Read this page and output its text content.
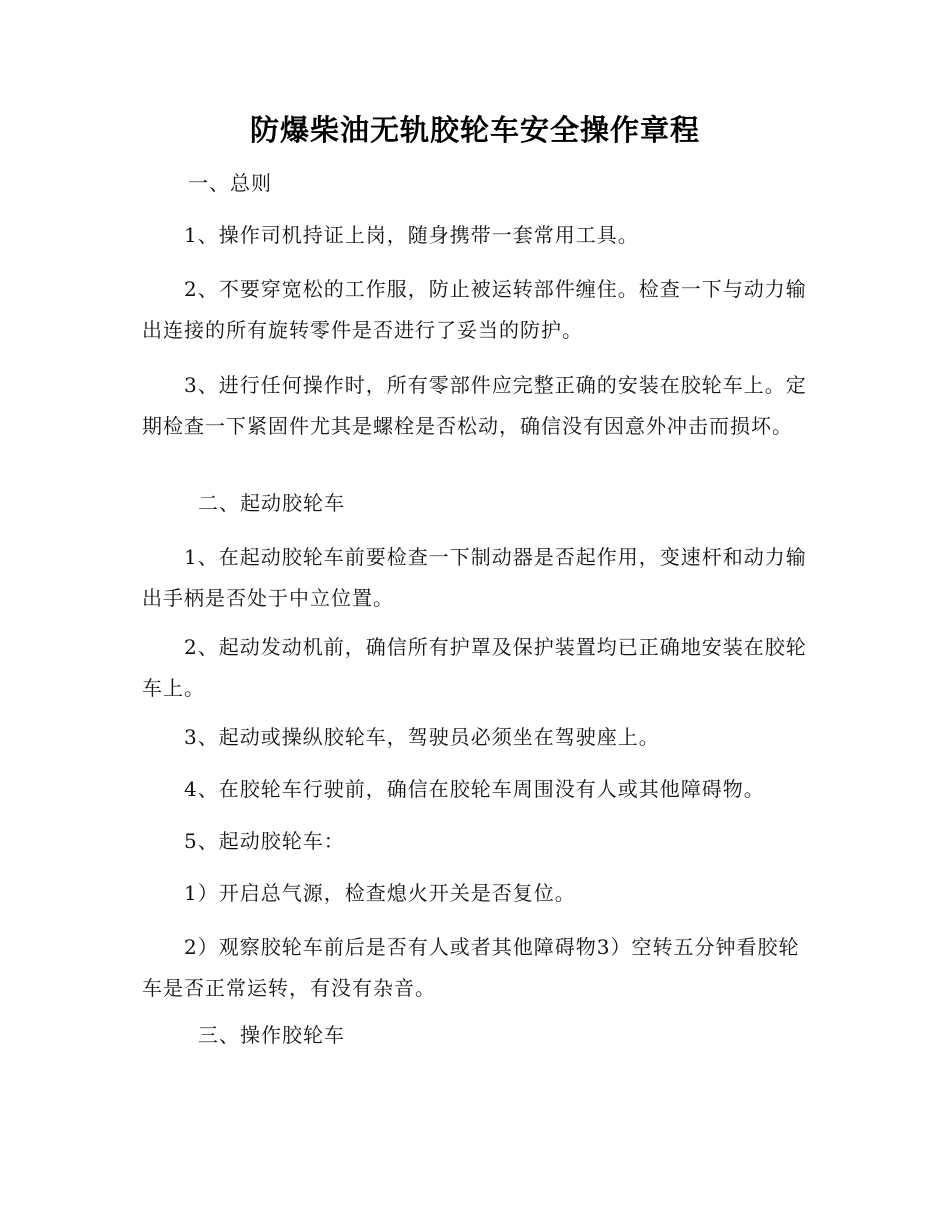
防爆柴油无轨胶轮车安全操作章程

一、总则

1、操作司机持证上岗，随身携带一套常用工具。

2、不要穿宽松的工作服，防止被运转部件缠住。检查一下与动力输出连接的所有旋转零件是否进行了妥当的防护。

3、进行任何操作时，所有零部件应完整正确的安装在胶轮车上。定期检查一下紧固件尤其是螺栓是否松动，确信没有因意外冲击而损坏。

二、起动胶轮车

1、在起动胶轮车前要检查一下制动器是否起作用，变速杆和动力输出手柄是否处于中立位置。

2、起动发动机前，确信所有护罩及保护装置均已正确地安装在胶轮车上。

3、起动或操纵胶轮车，驾驶员必须坐在驾驶座上。

4、在胶轮车行驶前，确信在胶轮车周围没有人或其他障碍物。

5、起动胶轮车：

1）开启总气源，检查熄火开关是否复位。

2）观察胶轮车前后是否有人或者其他障碍物3）空转五分钟看胶轮车是否正常运转，有没有杂音。

三、操作胶轮车
